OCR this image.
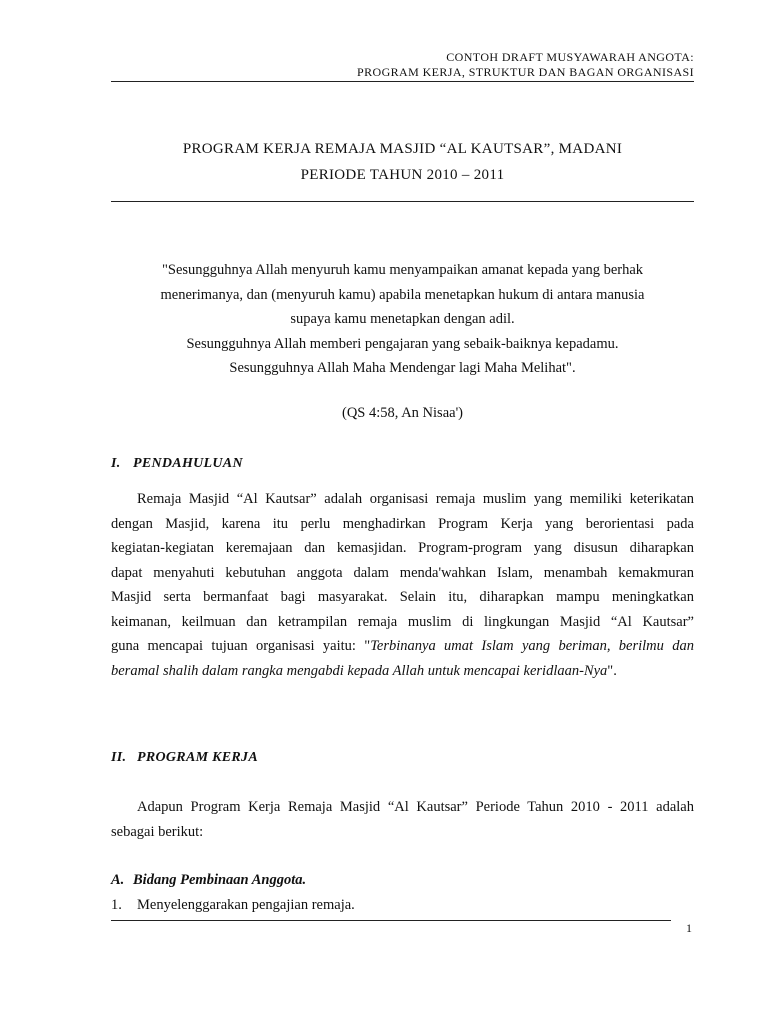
CONTOH DRAFT MUSYAWARAH ANGOTA:
PROGRAM KERJA, STRUKTUR DAN BAGAN ORGANISASI
PROGRAM KERJA REMAJA MASJID “AL KAUTSAR”, MADANI
PERIODE TAHUN 2010 – 2011
"Sesungguhnya Allah menyuruh kamu menyampaikan amanat kepada yang berhak
menerimanya, dan (menyuruh kamu) apabila menetapkan hukum di antara manusia
supaya kamu menetapkan dengan adil.
Sesungguhnya Allah memberi pengajaran yang sebaik-baiknya kepadamu.
Sesungguhnya Allah Maha Mendengar lagi Maha Melihat".
(QS 4:58, An Nisaa')
I. PENDAHULUAN
Remaja Masjid “Al Kautsar” adalah organisasi remaja muslim yang memiliki keterikatan
dengan Masjid, karena itu perlu menghadirkan Program Kerja yang berorientasi pada
kegiatan-kegiatan keremajaan dan kemasjidan. Program-program yang disusun diharapkan
dapat menyahuti kebutuhan anggota dalam menda'wahkan Islam, menambah kemakmuran
Masjid serta bermanfaat bagi masyarakat. Selain itu, diharapkan mampu meningkatkan
keimanan, keilmuan dan ketrampilan remaja muslim di lingkungan Masjid “Al Kautsar”
guna mencapai tujuan organisasi yaitu: "Terbinanya umat Islam yang beriman, berilmu dan
beramal shalih dalam rangka mengabdi kepada Allah untuk mencapai keridlaan-Nya".
II. PROGRAM KERJA
Adapun Program Kerja Remaja Masjid “Al Kautsar” Periode Tahun 2010 - 2011 adalah
sebagai berikut:
A. Bidang Pembinaan Anggota.
1. Menyelenggarakan pengajian remaja.
1
